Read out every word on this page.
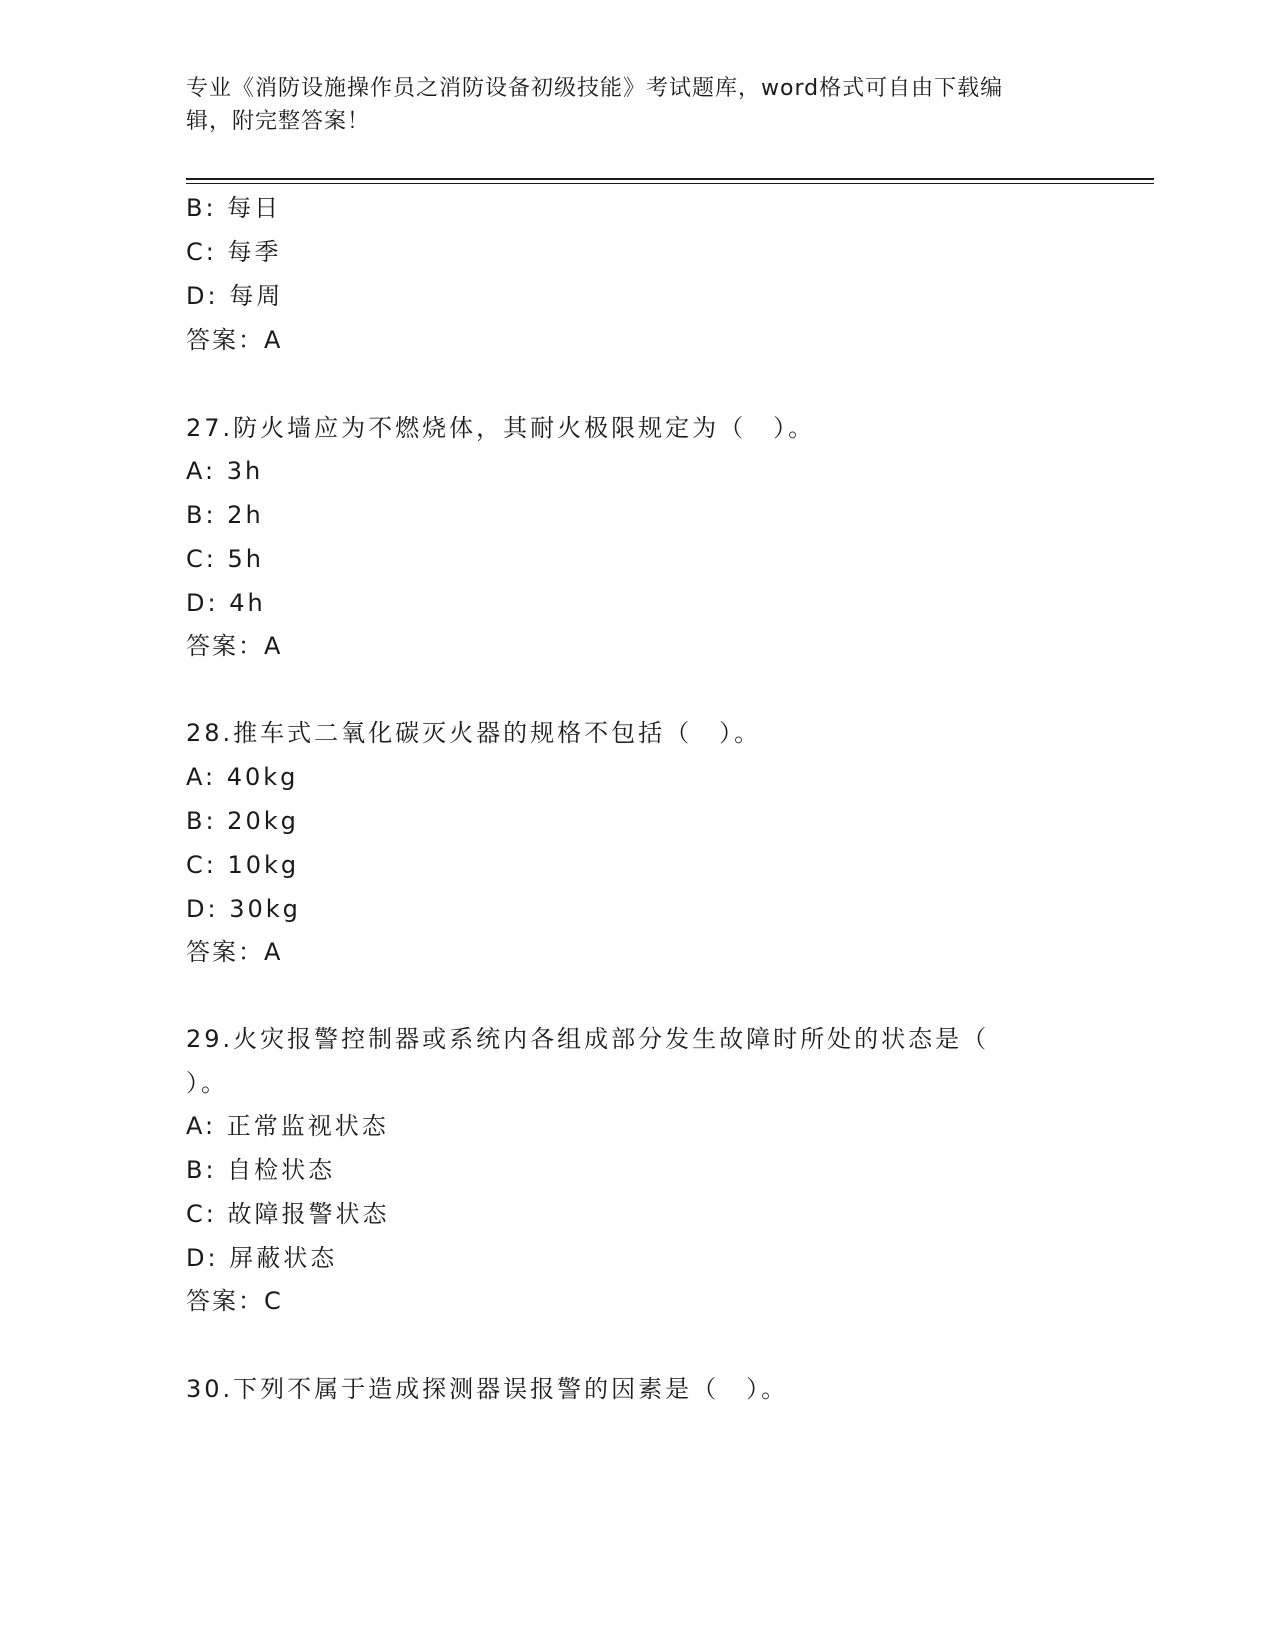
专业《消防设施操作员之消防设备初级技能》考试题库，word格式可自由下载编
辑，附完整答案！
B: 每日
C: 每季
D: 每周
答案：A
27.防火墙应为不燃烧体，其耐火极限规定为（　）。
A: 3h
B: 2h
C: 5h
D: 4h
答案：A
28.推车式二氧化碳灭火器的规格不包括（　）。
A: 40kg
B: 20kg
C: 10kg
D: 30kg
答案：A
29.火灾报警控制器或系统内各组成部分发生故障时所处的状态是（
）。
A: 正常监视状态
B: 自检状态
C: 故障报警状态
D: 屏蔽状态
答案：C
30.下列不属于造成探测器误报警的因素是（　）。
